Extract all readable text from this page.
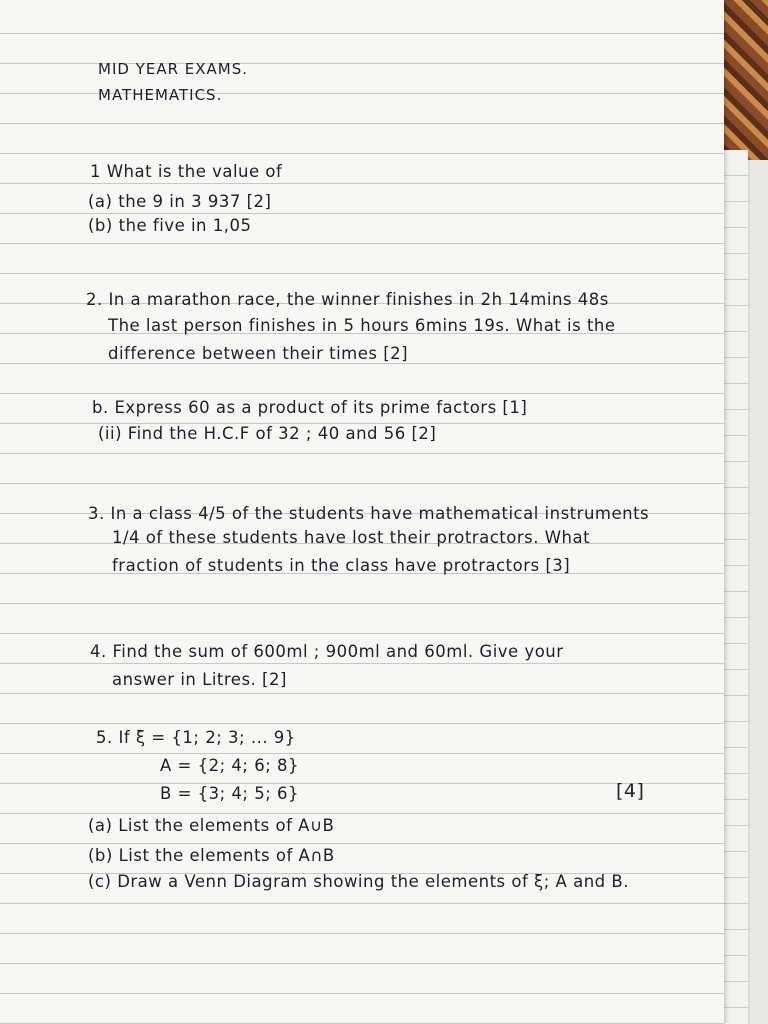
MID YEAR EXAMS.
MATHEMATICS.
1 What is the value of
(a) the 9 in 3 937 [2]
(b) the five in 1,05
2. In a marathon race, the winner finishes in 2h 14mins 48s
The last person finishes in 5 hours 6mins 19s. What is the
difference between their times [2]
b. Express 60 as a product of its prime factors [1]
(ii) Find the H.C.F of 32 ; 40 and 56 [2]
3. In a class 4/5 of the students have mathematical instruments
1/4 of these students have lost their protractors. What
fraction of students in the class have protractors [3]
4. Find the sum of 600ml ; 900ml and 60ml. Give your
answer in Litres. [2]
5. If ξ = {1; 2; 3; ... 9}
A = {2; 4; 6; 8}
B = {3; 4; 5; 6}	[4]
(a) List the elements of A∪B
(b) List the elements of A∩B
(c) Draw a Venn Diagram showing the elements of ξ; A and B.
